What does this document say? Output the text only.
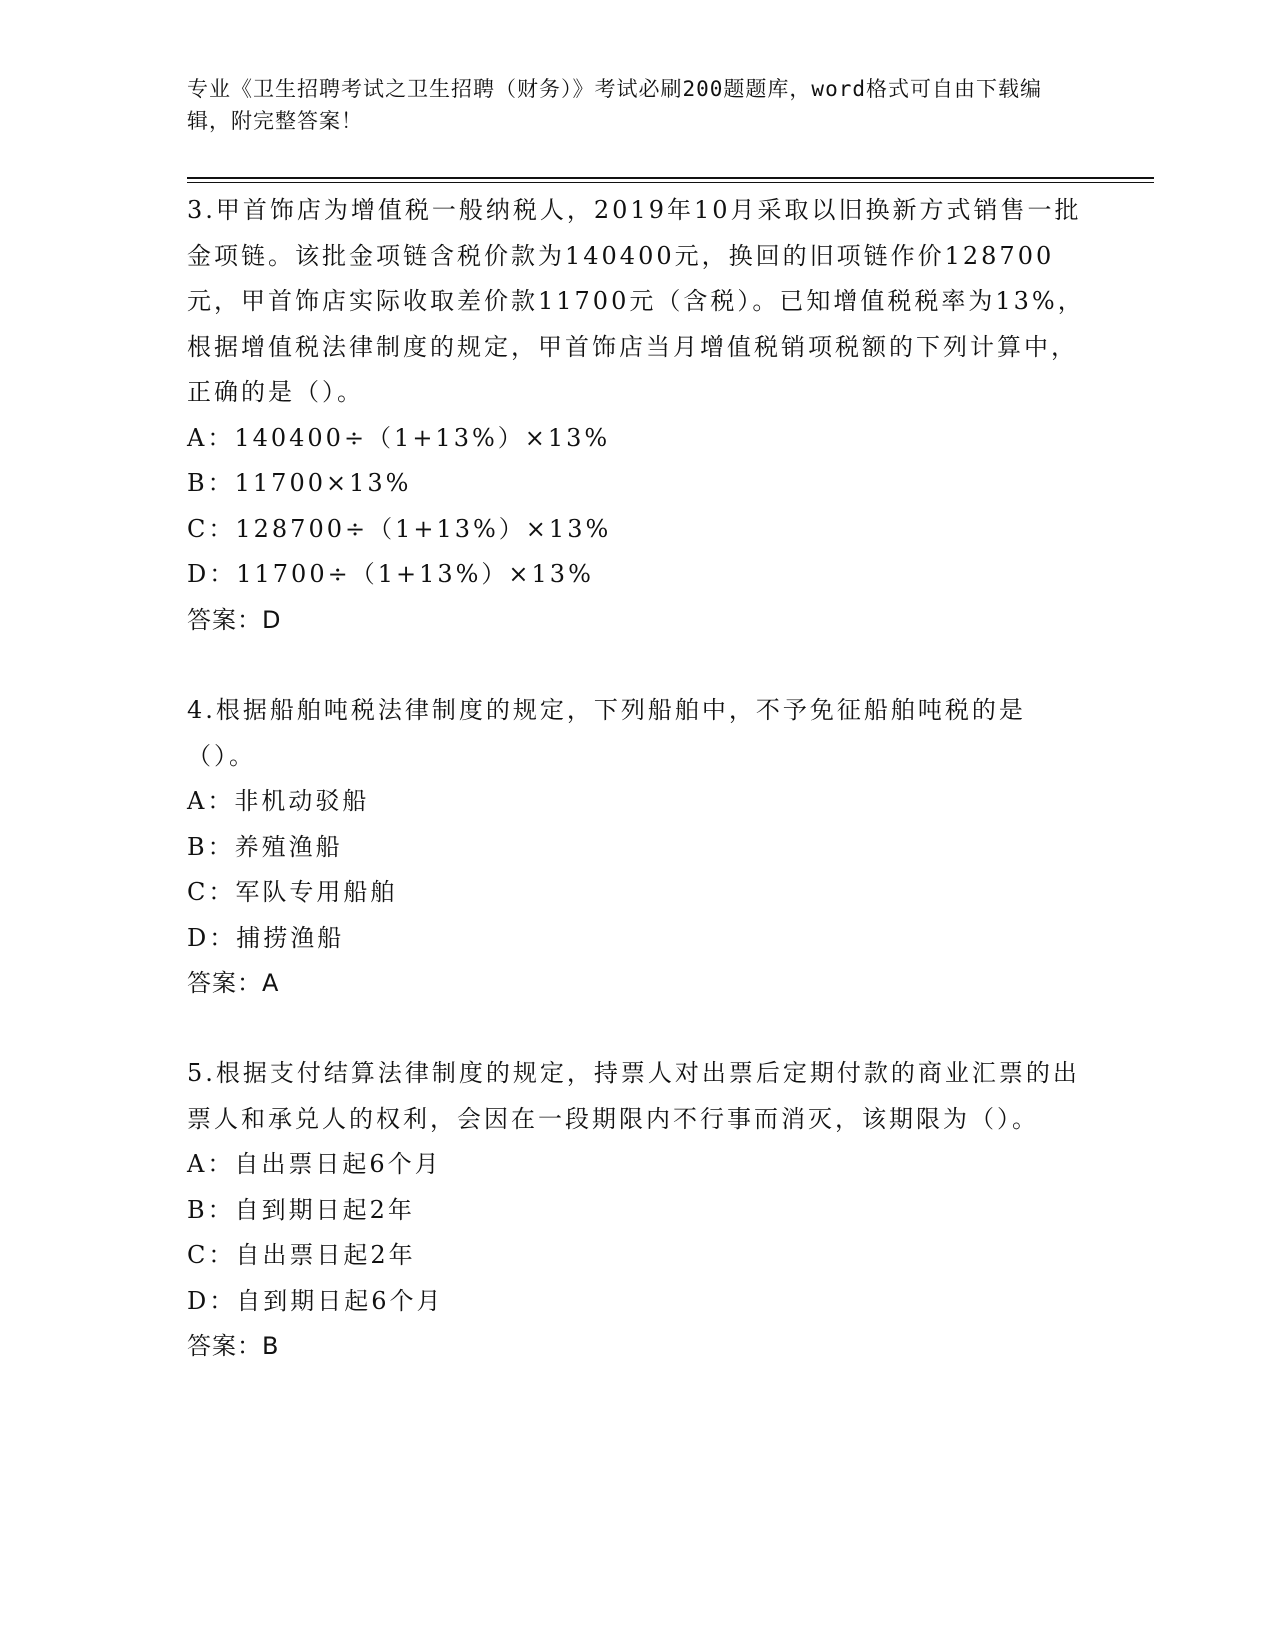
专业《卫生招聘考试之卫生招聘（财务）》考试必刷200题题库，word格式可自由下载编辑，附完整答案！

3.甲首饰店为增值税一般纳税人，2019年10月采取以旧换新方式销售一批金项链。该批金项链含税价款为140400元，换回的旧项链作价128700元，甲首饰店实际收取差价款11700元（含税）。已知增值税税率为13%，根据增值税法律制度的规定，甲首饰店当月增值税销项税额的下列计算中，正确的是（）。

A：140400÷（1+13%）×13%

B：11700×13%

C：128700÷（1+13%）×13%

D：11700÷（1+13%）×13%

答案：D

4.根据船舶吨税法律制度的规定，下列船舶中，不予免征船舶吨税的是（）。

A：非机动驳船

B：养殖渔船

C：军队专用船舶

D：捕捞渔船

答案：A

5.根据支付结算法律制度的规定，持票人对出票后定期付款的商业汇票的出票人和承兑人的权利，会因在一段期限内不行事而消灭，该期限为（）。

A：自出票日起6个月

B：自到期日起2年

C：自出票日起2年

D：自到期日起6个月

答案：B
